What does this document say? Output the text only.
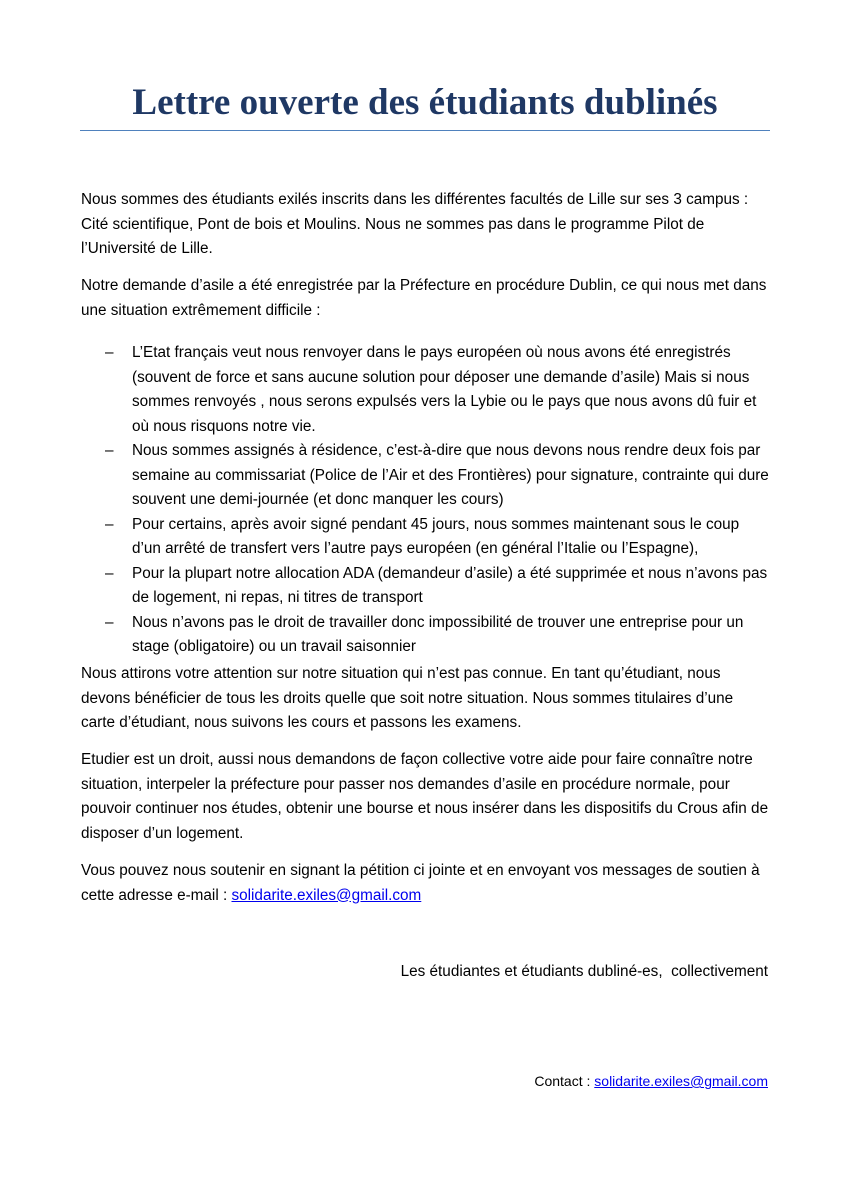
Lettre ouverte des étudiants dublinés

Nous sommes des étudiants exilés inscrits dans les différentes facultés de Lille sur ses 3 campus : Cité scientifique, Pont de bois et Moulins. Nous ne sommes pas dans le programme Pilot de l’Université de Lille.

Notre demande d’asile a été enregistrée par la Préfecture en procédure Dublin, ce qui nous met dans une situation extrêmement difficile :

– L’Etat français veut nous renvoyer dans le pays européen où nous avons été enregistrés (souvent de force et sans aucune solution pour déposer une demande d’asile) Mais si nous sommes renvoyés , nous serons expulsés vers la Lybie ou le pays que nous avons dû fuir et où nous risquons notre vie.
– Nous sommes assignés à résidence, c’est-à-dire que nous devons nous rendre deux fois par semaine au commissariat (Police de l’Air et des Frontières) pour signature, contrainte qui dure souvent une demi-journée (et donc manquer les cours)
– Pour certains, après avoir signé pendant 45 jours, nous sommes maintenant sous le coup d’un arrêté de transfert vers l’autre pays européen (en général l’Italie ou l’Espagne),
– Pour la plupart notre allocation ADA (demandeur d’asile) a été supprimée et nous n’avons pas de logement, ni repas, ni titres de transport
– Nous n’avons pas le droit de travailler donc impossibilité de trouver une entreprise pour un stage (obligatoire) ou un travail saisonnier

Nous attirons votre attention sur notre situation qui n’est pas connue. En tant qu’étudiant, nous devons bénéficier de tous les droits quelle que soit notre situation. Nous sommes titulaires d’une carte d’étudiant, nous suivons les cours et passons les examens.

Etudier est un droit, aussi nous demandons de façon collective votre aide pour faire connaître notre situation, interpeler la préfecture pour passer nos demandes d’asile en procédure normale, pour pouvoir continuer nos études, obtenir une bourse et nous insérer dans les dispositifs du Crous afin de disposer d’un logement.

Vous pouvez nous soutenir en signant la pétition ci jointe et en envoyant vos messages de soutien à cette adresse e-mail : solidarite.exiles@gmail.com

Les étudiantes et étudiants dubliné-es,  collectivement

Contact : solidarite.exiles@gmail.com
